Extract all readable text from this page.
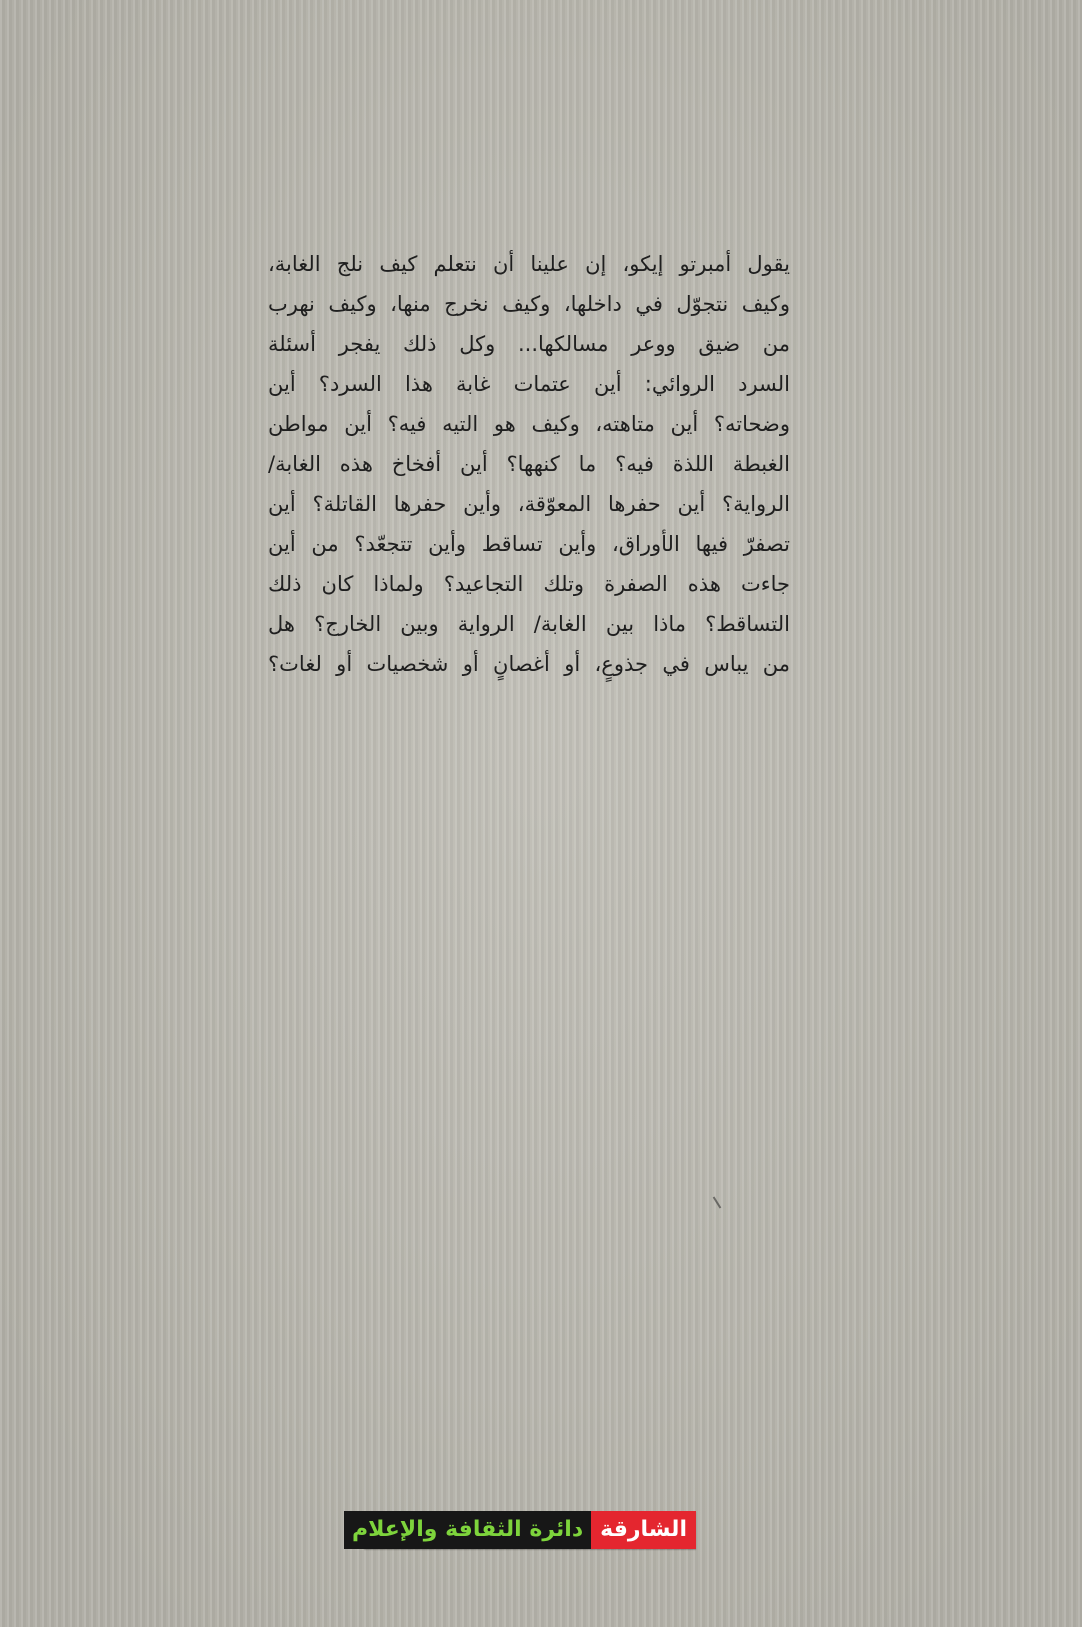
يقول أمبرتو إيكو، إن علينا أن نتعلم كيف نلج الغابة،
وكيف نتجوّل في داخلها، وكيف نخرج منها، وكيف نهرب
من ضيق ووعر مسالكها... وكل ذلك يفجر أسئلة
السرد الروائي: أين عتمات غابة هذا السرد؟ أين
وضحاته؟ أين متاهته، وكيف هو التيه فيه؟ أين مواطن
الغبطة اللذة فيه؟ ما كنهها؟ أين أفخاخ هذه الغابة/
الرواية؟ أين حفرها المعوّقة، وأين حفرها القاتلة؟ أين
تصفرّ فيها الأوراق، وأين تساقط وأين تتجعّد؟ من أين
جاءت هذه الصفرة وتلك التجاعيد؟ ولماذا كان ذلك
التساقط؟ ماذا بين الغابة/ الرواية وبين الخارج؟ هل
من يباس في جذوعٍ، أو أغصانٍ أو شخصيات أو لغات؟
الشارقة
دائرة الثقافة والإعلام
